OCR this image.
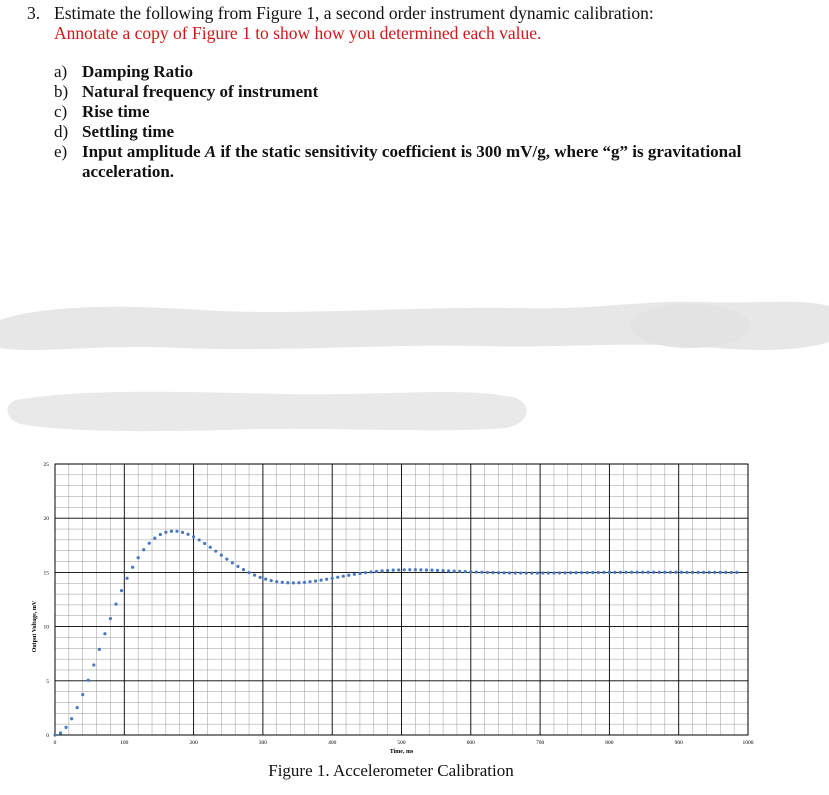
3. Estimate the following from Figure 1, a second order instrument dynamic calibration:
Annotate a copy of Figure 1 to show how you determined each value.
a) Damping Ratio
b) Natural frequency of instrument
c) Rise time
d) Settling time
e) Input amplitude A if the static sensitivity coefficient is 300 mV/g, where “g” is gravitational acceleration.
0	100	200	300	400	500	600	700	800	900	1000
0
5
10
15
20
25
Time, ms
Output Voltage, mV
Figure 1. Accelerometer Calibration
